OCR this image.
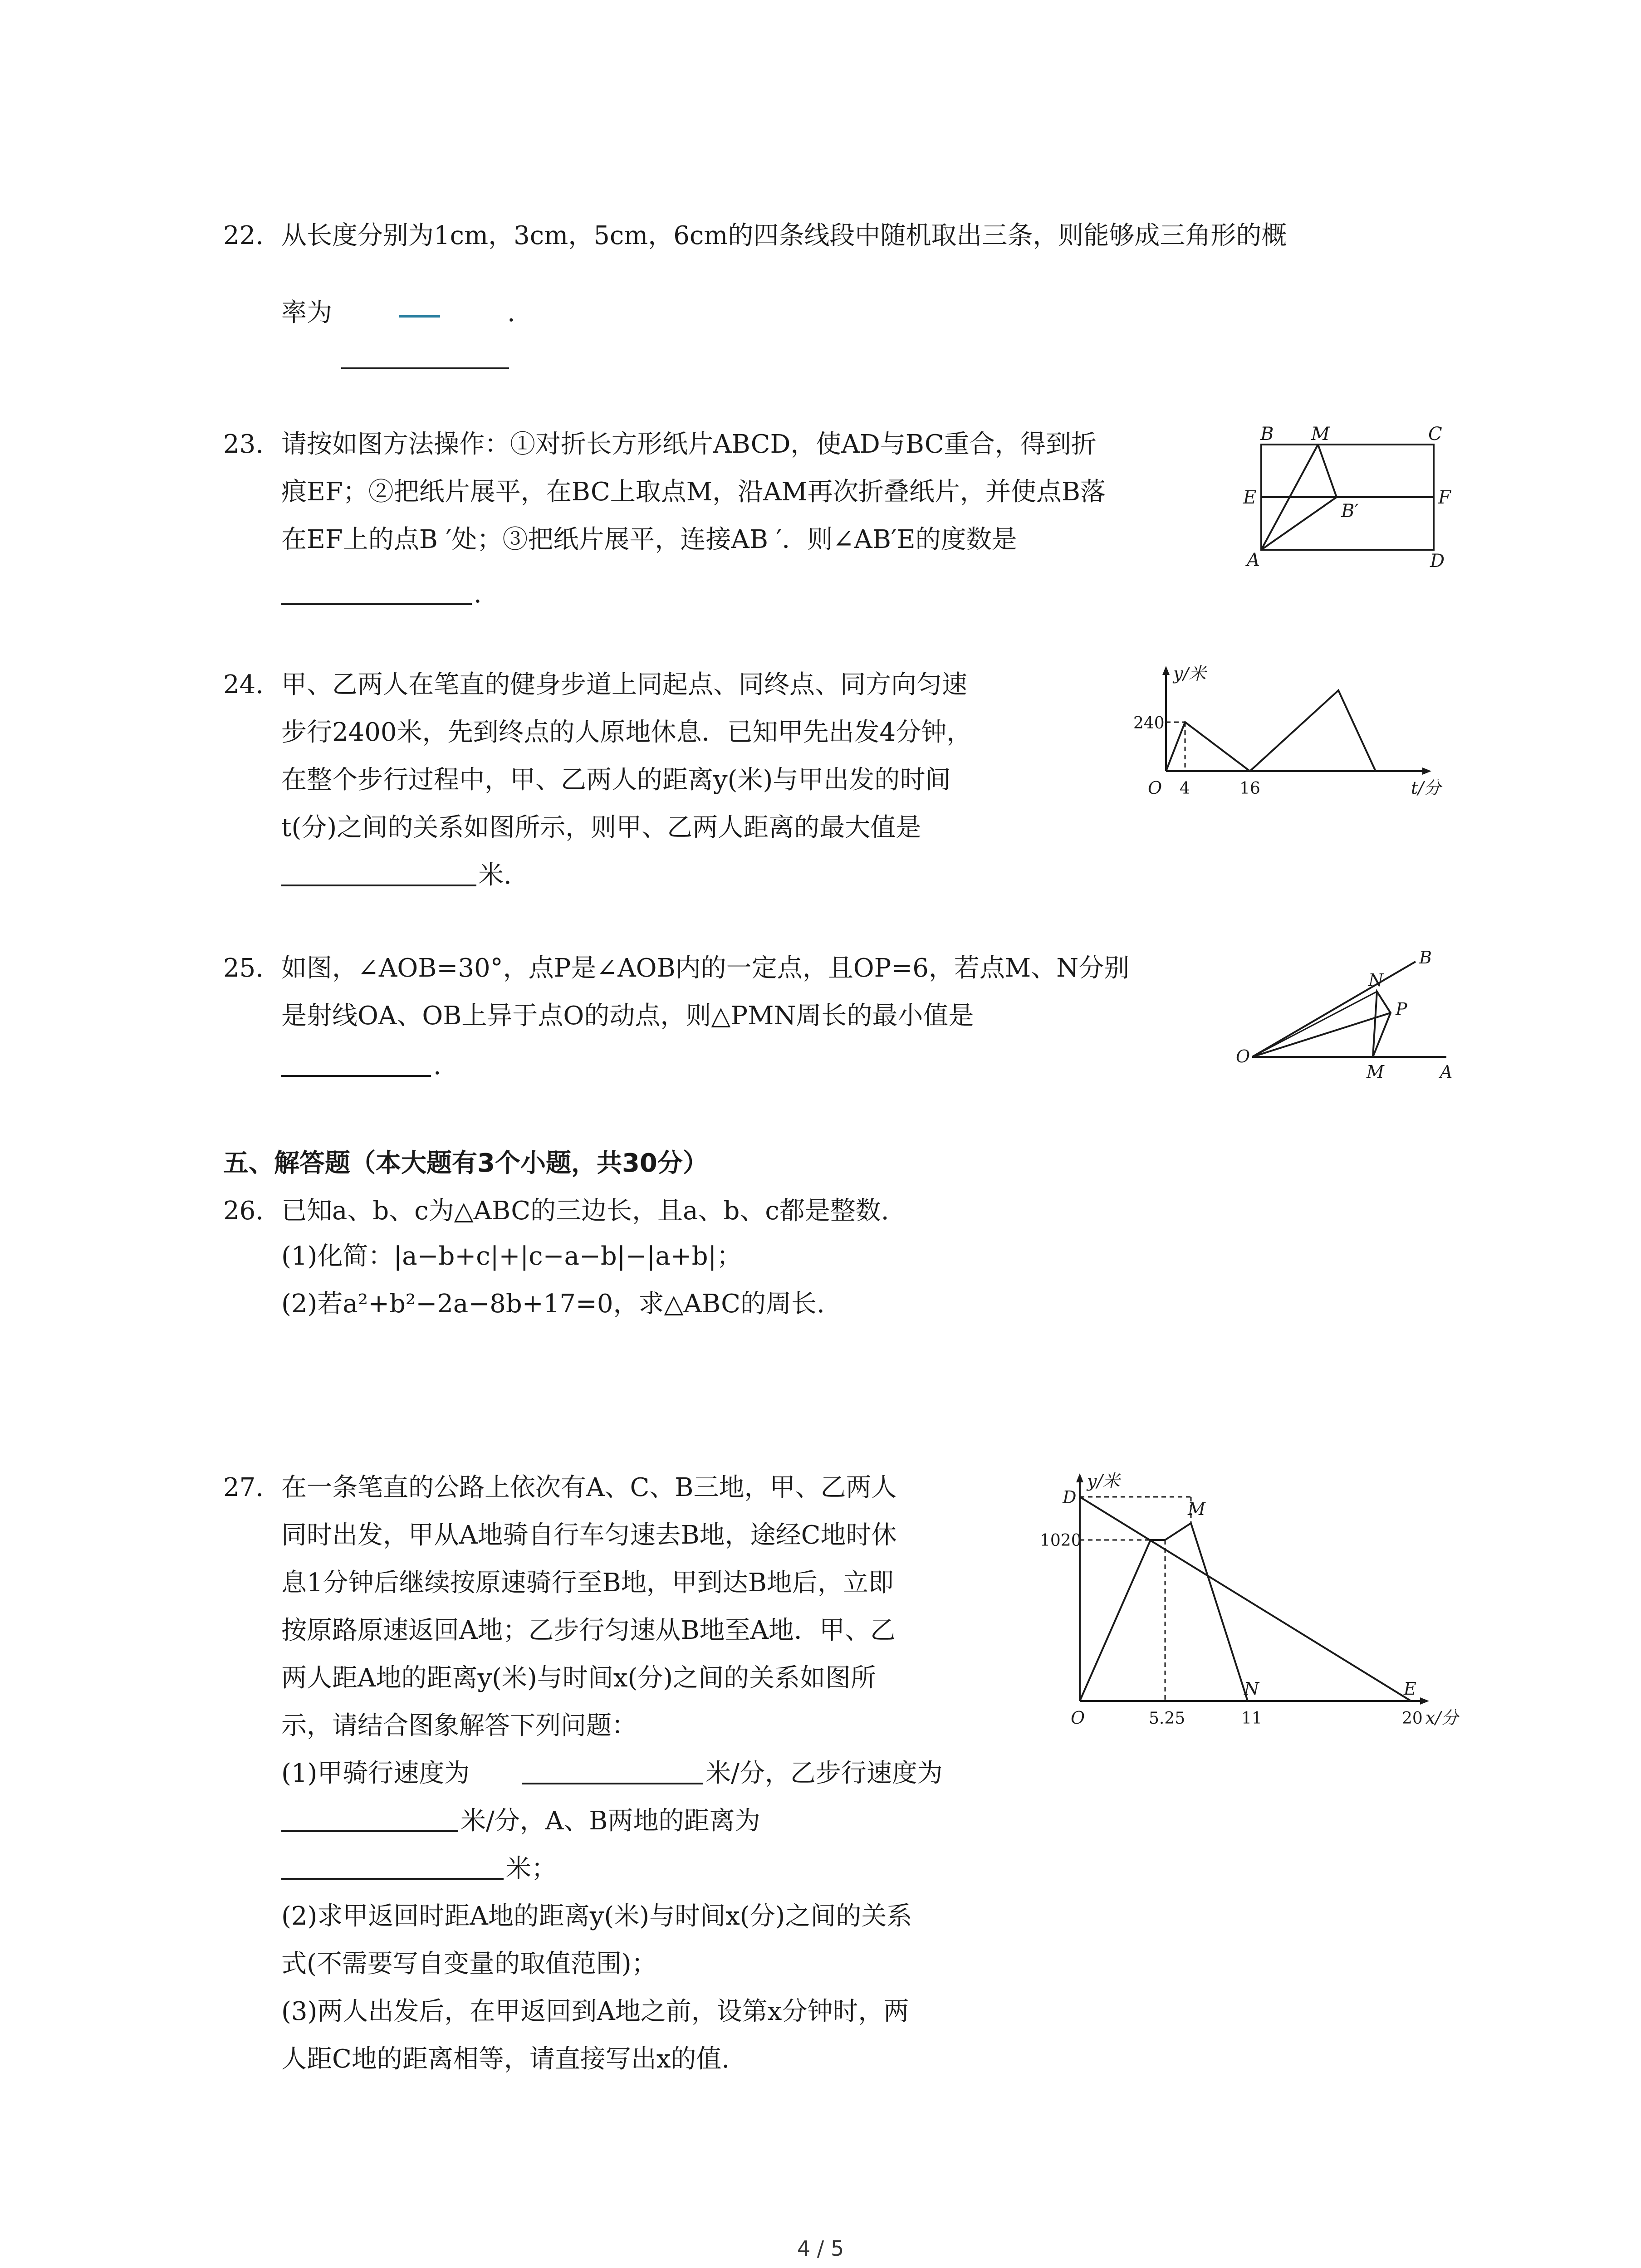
22. 从长度分别为1cm，3cm，5cm，6cm的四条线段中随机取出三条，则能够成三角形的概
率为	.
23. 请按如图方法操作：①对折长方形纸片ABCD，使AD与BC重合，得到折
痕EF；②把纸片展平，在BC上取点M，沿AM再次折叠纸片，并使点B落
在EF上的点B ′处；③把纸片展平，连接AB ′．则∠AB′E的度数是
.
B M	C
E
B′
F
A	D
24. 甲、乙两人在笔直的健身步道上同起点、同终点、同方向匀速
步行2400米，先到终点的人原地休息．已知甲先出发4分钟，
在整个步行过程中，甲、乙两人的距离y(米)与甲出发的时间
t(分)之间的关系如图所示，则甲、乙两人距离的最大值是
米.
y/米
240
O 4	16	t/分
25. 如图，∠AOB=30°，点P是∠AOB内的一定点，且OP=6，若点M、N分别
是射线OA、OB上异于点O的动点，则△PMN周长的最小值是
.
B
N
P
O
M	A
五、解答题（本大题有3个小题，共30分）
26. 已知a、b、c为△ABC的三边长，且a、b、c都是整数.
(1)化简：|a−b+c|+|c−a−b|−|a+b|；
(2)若a²+b²−2a−8b+17=0，求△ABC的周长.
27. 在一条笔直的公路上依次有A、C、B三地，甲、乙两人
同时出发，甲从A地骑自行车匀速去B地，途经C地时休
息1分钟后继续按原速骑行至B地，甲到达B地后，立即
按原路原速返回A地；乙步行匀速从B地至A地．甲、乙
两人距A地的距离y(米)与时间x(分)之间的关系如图所
示，请结合图象解答下列问题：
(1)甲骑行速度为	米/分，乙步行速度为
米/分，A、B两地的距离为
米；
(2)求甲返回时距A地的距离y(米)与时间x(分)之间的关系
式(不需要写自变量的取值范围)；
(3)两人出发后，在甲返回到A地之前，设第x分钟时，两
人距C地的距离相等，请直接写出x的值.
y/米
D
M
1020
N	E
O	5.25	11	20 x/分
4 / 5
